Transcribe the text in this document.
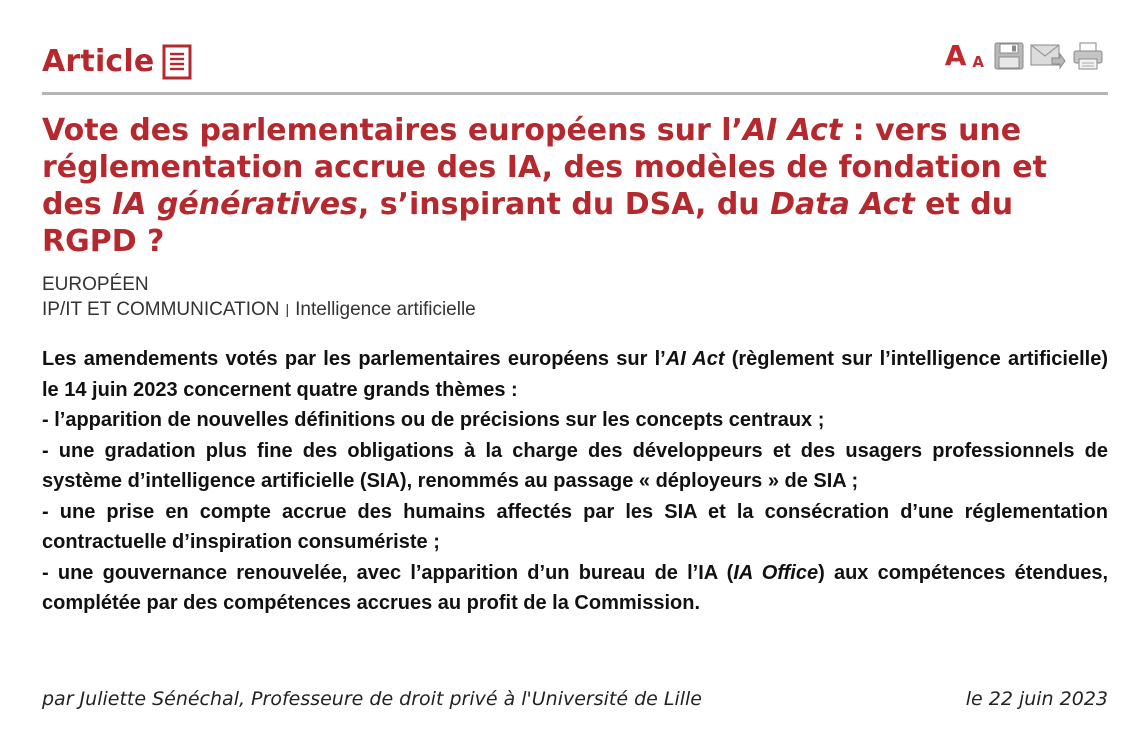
Article	A A
Vote des parlementaires européens sur l’AI Act : vers une réglementation accrue des IA, des modèles de fondation et des IA génératives, s’inspirant du DSA, du Data Act et du RGPD ?
EUROPÉEN
IP/IT ET COMMUNICATION | Intelligence artificielle

Les amendements votés par les parlementaires européens sur l’AI Act (règlement sur l’intelligence artificielle) le 14 juin 2023 concernent quatre grands thèmes :

- l’apparition de nouvelles définitions ou de précisions sur les concepts centraux ;

- une gradation plus fine des obligations à la charge des développeurs et des usagers professionnels de système d’intelligence artificielle (SIA), renommés au passage « déployeurs » de SIA ;

- une prise en compte accrue des humains affectés par les SIA et la consécration d’une réglementation contractuelle d’inspiration consumériste ;

- une gouvernance renouvelée, avec l’apparition d’un bureau de l’IA (IA Office) aux compétences étendues, complétée par des compétences accrues au profit de la Commission.

par Juliette Sénéchal, Professeure de droit privé à l'Université de Lille	le 22 juin 2023
